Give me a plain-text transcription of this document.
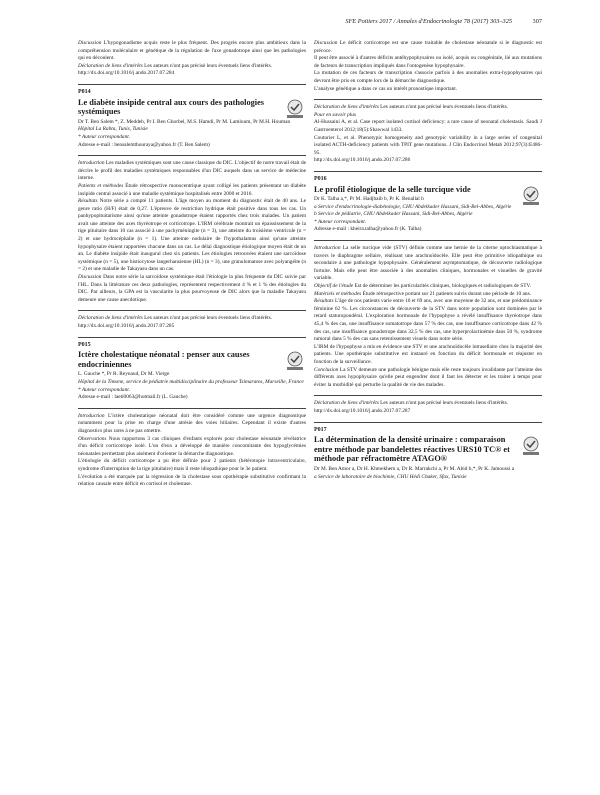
SFE Poitiers 2017 / Annales d'Endocrinologie 78 (2017) 303–325	307

Discussion L'hypogonadisme acquis reste le plus fréquent. Des progrès encore plus ambitieux dans la compréhension moléculaire et génétique de la régulation de l'axe gonadotrope ainsi que les pathologies qui en découlent.

Déclaration de liens d'intérêts Les auteurs n'ont pas précisé leurs éventuels liens d'intérêts.

http://dx.doi.org/10.1016/j.ando.2017.07.284

P014
Le diabète insipide central aux cours des pathologies systémiques

Dr T. Ben Salem *, Z. Meddeb, Pr I. Ben Ghorbel, M.S. Hamdi, Pr M. Lamloum, Pr M.H. Houman

Hôpital La Rabta, Tunis, Tunisie

* Auteur correspondant.

Adresse e-mail : bensalemthouraya@yahoo.fr (T. Ben Salem)

Introduction Les maladies systémiques sont une cause classique du DIC. L'objectif de notre travail était de décrire le profil des maladies systémiques responsables d'un DIC auquels dans un service de médecine interne.

Patients et méthodes Étude rétrospective monocentrique ayant colligé les patients présentant un diabète insipide central associé à une maladie systémique hospitalisés entre 2000 et 2016.

Résultats Notre série a compté 11 patients. L'âge moyen au moment du diagnostic était de 40 ans. Le genre ratio (H/F) était de 0,27. L'épreuve de restriction hydrique était positive dans tous les cas. Un panhypopituitarisme ainsi qu'une atteinte gonadotrope étaient rapportés chez trois malades. Un patient avait une atteinte des axes thyréotrope et corticotrope. L'IRM cérébrale montrait un épaississement de la tige pituitaire dans 10 cas associé à une pachyméningite (n = 3), une atteinte du troisième ventricule (n = 2) et une hydrocéphalie (n = 1). Une atteinte nodulaire de l'hypothalamus ainsi qu'une atteinte hypophysaire étaient rapportées chacune dans un cas. Le délai diagnostique étiologique moyen était de un an. Le diabète insipide était inaugural chez six patients. Les étiologies retrouvées étaient une sarcoïdose systémique (n = 5), une histiocytose langerhansienne (HL) (n = 3), une granulomatose avec polyangéite (n = 2) et une maladie de Takayasu dans un cas.

Discussion Dans notre série la sarcoïdose systémique était l'étiologie la plus fréquente du DIC suivie par l'HL. Dans la littérature ces deux pathologies, représentent respectivement 4 % et 1 % des étiologies du DIC. Par ailleurs, la GPA est la vascularite la plus pourvoyeuse de DIC alors que la maladie Takayasu demeure une cause anecdotique.

Déclaration de liens d'intérêts Les auteurs n'ont pas précisé leurs éventuels liens d'intérêts.

http://dx.doi.org/10.1016/j.ando.2017.07.285

P015
Ictère cholestatique néonatal : penser aux causes endocriniennes

L. Gauche *, Pr R. Reynaud, Dr M. Vierge

Hôpital de la Timone, service de pédiatrie multidisciplinaire du professeur Tsimaratos, Marseille, France

* Auteur correspondant.

Adresse e-mail : laeti0063@hotmail.fr (L. Gauche)

Introduction L'ictère cholestatique néonatal doit être considéré comme une urgence diagnostique notamment pour la prise en charge d'une atrésie des voies biliaires. Cependant il existe d'autres diagnostics plus rares à ne pas omettre.

Observations Nous rapportons 3 cas cliniques d'enfants explorés pour cholestase néonatale révélatrice d'un déficit corticotrope isolé. L'un d'eux a développé de manière concomitante des hypoglycémies néonatales permettant plus aisément d'orienter la démarche diagnostique.

L'étiologie du déficit corticotrope a pu être définie pour 2 patients (hétérotopie intraventriculaire, syndrome d'interruption de la tige pituitaire) mais il reste idiopathique pour le 3e patient.

L'évolution a été marquée par la régression de la cholestase sous opothérapie substitutive confirmant la relation causale entre déficit en cortisol et cholestase.

Discussion Le déficit corticotrope est une cause traitable de cholestase néonatale si le diagnostic est précoce.

Il peut être associé à d'autres déficits antéhypophysaires ou isolé, acquis ou congénitale, lié aux mutations de facteurs de transcription impliqués dans l'ontogenèse hypophysaire.

La mutation de ces facteurs de transcription s'associe parfois à des anomalies extra-hypophysaires qui devront être pris en compte lors de la démarche diagnostique.

L'analyse génétique a dans ce cas un intérêt pronostique important.

Déclaration de liens d'intérêts Les auteurs n'ont pas précisé leurs éventuels liens d'intérêts.

Pour en savoir plus

Al-Hussaini A, et al. Case report isolated cortisol deficiency: a rare cause of neonatal cholestasis. Saudi J Gastroenterol 2012;18(5):Shawwal 1433.

Couturier L, et al. Phenotypic homogeneity and genotypic variability in a large series of congenital isolated ACTH-deficiency patients with TPIT gene mutations. J Clin Endocrinol Metab 2012;97(3):E486-95.

http://dx.doi.org/10.1016/j.ando.2017.07.286

P016
Le profil étiologique de la selle turcique vide

Dr K. Talha a,*, Pr M. Hadjbaib b, Pr K. Benallal b

a Service d'endocrinologie-diabétologie, CHU Abdelkader Hassani, Sidi-Bel-Abbes, Algérie

b Service de pédiatrie, CHU Abdelkader Hassani, Sidi-Bel-Abbes, Algérie

* Auteur correspondant.

Adresse e-mail : kheira.talha@yahoo.fr (K. Talha)

Introduction La selle turcique vide (STV) définie comme une hernie de la citerne optochiasmatique à travers le diaphragme sellaire, réalisant une arachnoïdocèle. Elle peut être primitive idiopathique ou secondaire à une pathologie hypophysaire. Généralement asymptomatique, de découverte radiologique fortuite. Mais elle peut être associée à des anomalies cliniques, hormonales et visuelles de gravité variable.

Objectif de l'étude Est de déterminer les particularités cliniques, biologiques et radiologiques de STV.

Matériels et méthodes Étude rétrospective portant sur 21 patients suivis durant une période de 10 ans.

Résultats L'âge de nos patients varie entre 10 et 69 ans, avec une moyenne de 32 ans, et une prédominance féminine 62 %. Les circonstances de découverte de la STV dans notre population sont dominées par le retard staturopondéral. L'exploration hormonale de l'hypophyse a révélé insuffisance thyréotrope dans 45,4 % des cas, une insuffisance somatotrope dans 57 % des cas, une insuffisance corticotrope dans 42 % des cas, une insuffisance gonadotrope dans 32,5 % des cas, une hyperprolactinémie dans 50 %, syndrome tumoral dans 5 % des cas sans retentissement visuels dans notre série.

L'IRM de l'hypophyse a mis en évidence une STV et une arachnoïdocèle intrasellaire chez la majorité des patients. Une opothérapie substitutive est instauré en fonction du déficit hormonale et réajuster en fonction de la surveillance.

Conclusion La STV demeure une pathologie bénigne mais elle reste toujours invalidante par l'atteinte des différents axes hypophysaire qu'elle peut engendrer dont il faut les détecter et les traiter à temps pour éviter la morbidité qui perturbe la qualité de vie des malades.

Déclaration de liens d'intérêts Les auteurs n'ont pas précisé leurs éventuels liens d'intérêts.

http://dx.doi.org/10.1016/j.ando.2017.07.287

P017
La détermination de la densité urinaire : comparaison entre méthode par bandelettes réactives URS10 TC® et méthode par réfractomètre ATAGO®

Dr M. Ben Amor a, Dr H. Khmekhem a, Dr R. Marrakchi a, Pr M. Abid b,*, Pr K. Jamoussi a

a Service de laboratoire de biochimie, CHU Hédi Chaker, Sfax, Tunisie
